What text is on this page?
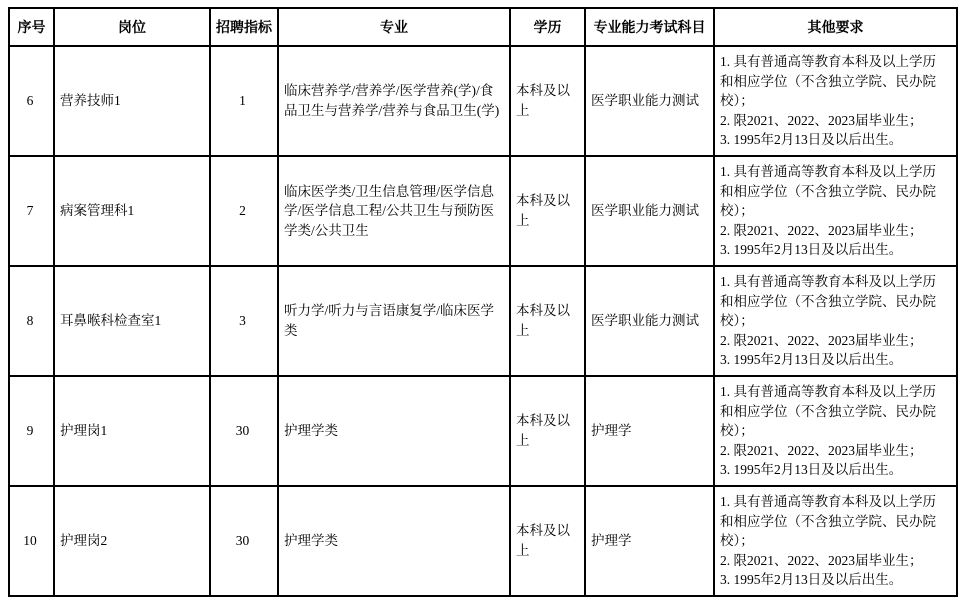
序号	岗位	招聘指标	专业	学历	专业能力考试科目	其他要求
6	营养技师1	1	临床营养学/营养学/医学营养(学)/食品卫生与营养学/营养与食品卫生(学)	本科及以上	医学职业能力测试	1. 具有普通高等教育本科及以上学历和相应学位（不含独立学院、民办院校）；
2. 限2021、2022、2023届毕业生；
3. 1995年2月13日及以后出生。

7	病案管理科1	2	临床医学类/卫生信息管理/医学信息学/医学信息工程/公共卫生与预防医学类/公共卫生	本科及以上	医学职业能力测试	1. 具有普通高等教育本科及以上学历和相应学位（不含独立学院、民办院校）；
2. 限2021、2022、2023届毕业生；
3. 1995年2月13日及以后出生。

8	耳鼻喉科检查室1	3	听力学/听力与言语康复学/临床医学类	本科及以上	医学职业能力测试	1. 具有普通高等教育本科及以上学历和相应学位（不含独立学院、民办院校）；
2. 限2021、2022、2023届毕业生；
3. 1995年2月13日及以后出生。

9	护理岗1	30	护理学类	本科及以上	护理学	1. 具有普通高等教育本科及以上学历和相应学位（不含独立学院、民办院校）；
2. 限2021、2022、2023届毕业生；
3. 1995年2月13日及以后出生。

10	护理岗2	30	护理学类	本科及以上	护理学	1. 具有普通高等教育本科及以上学历和相应学位（不含独立学院、民办院校）；
2. 限2021、2022、2023届毕业生；
3. 1995年2月13日及以后出生。
